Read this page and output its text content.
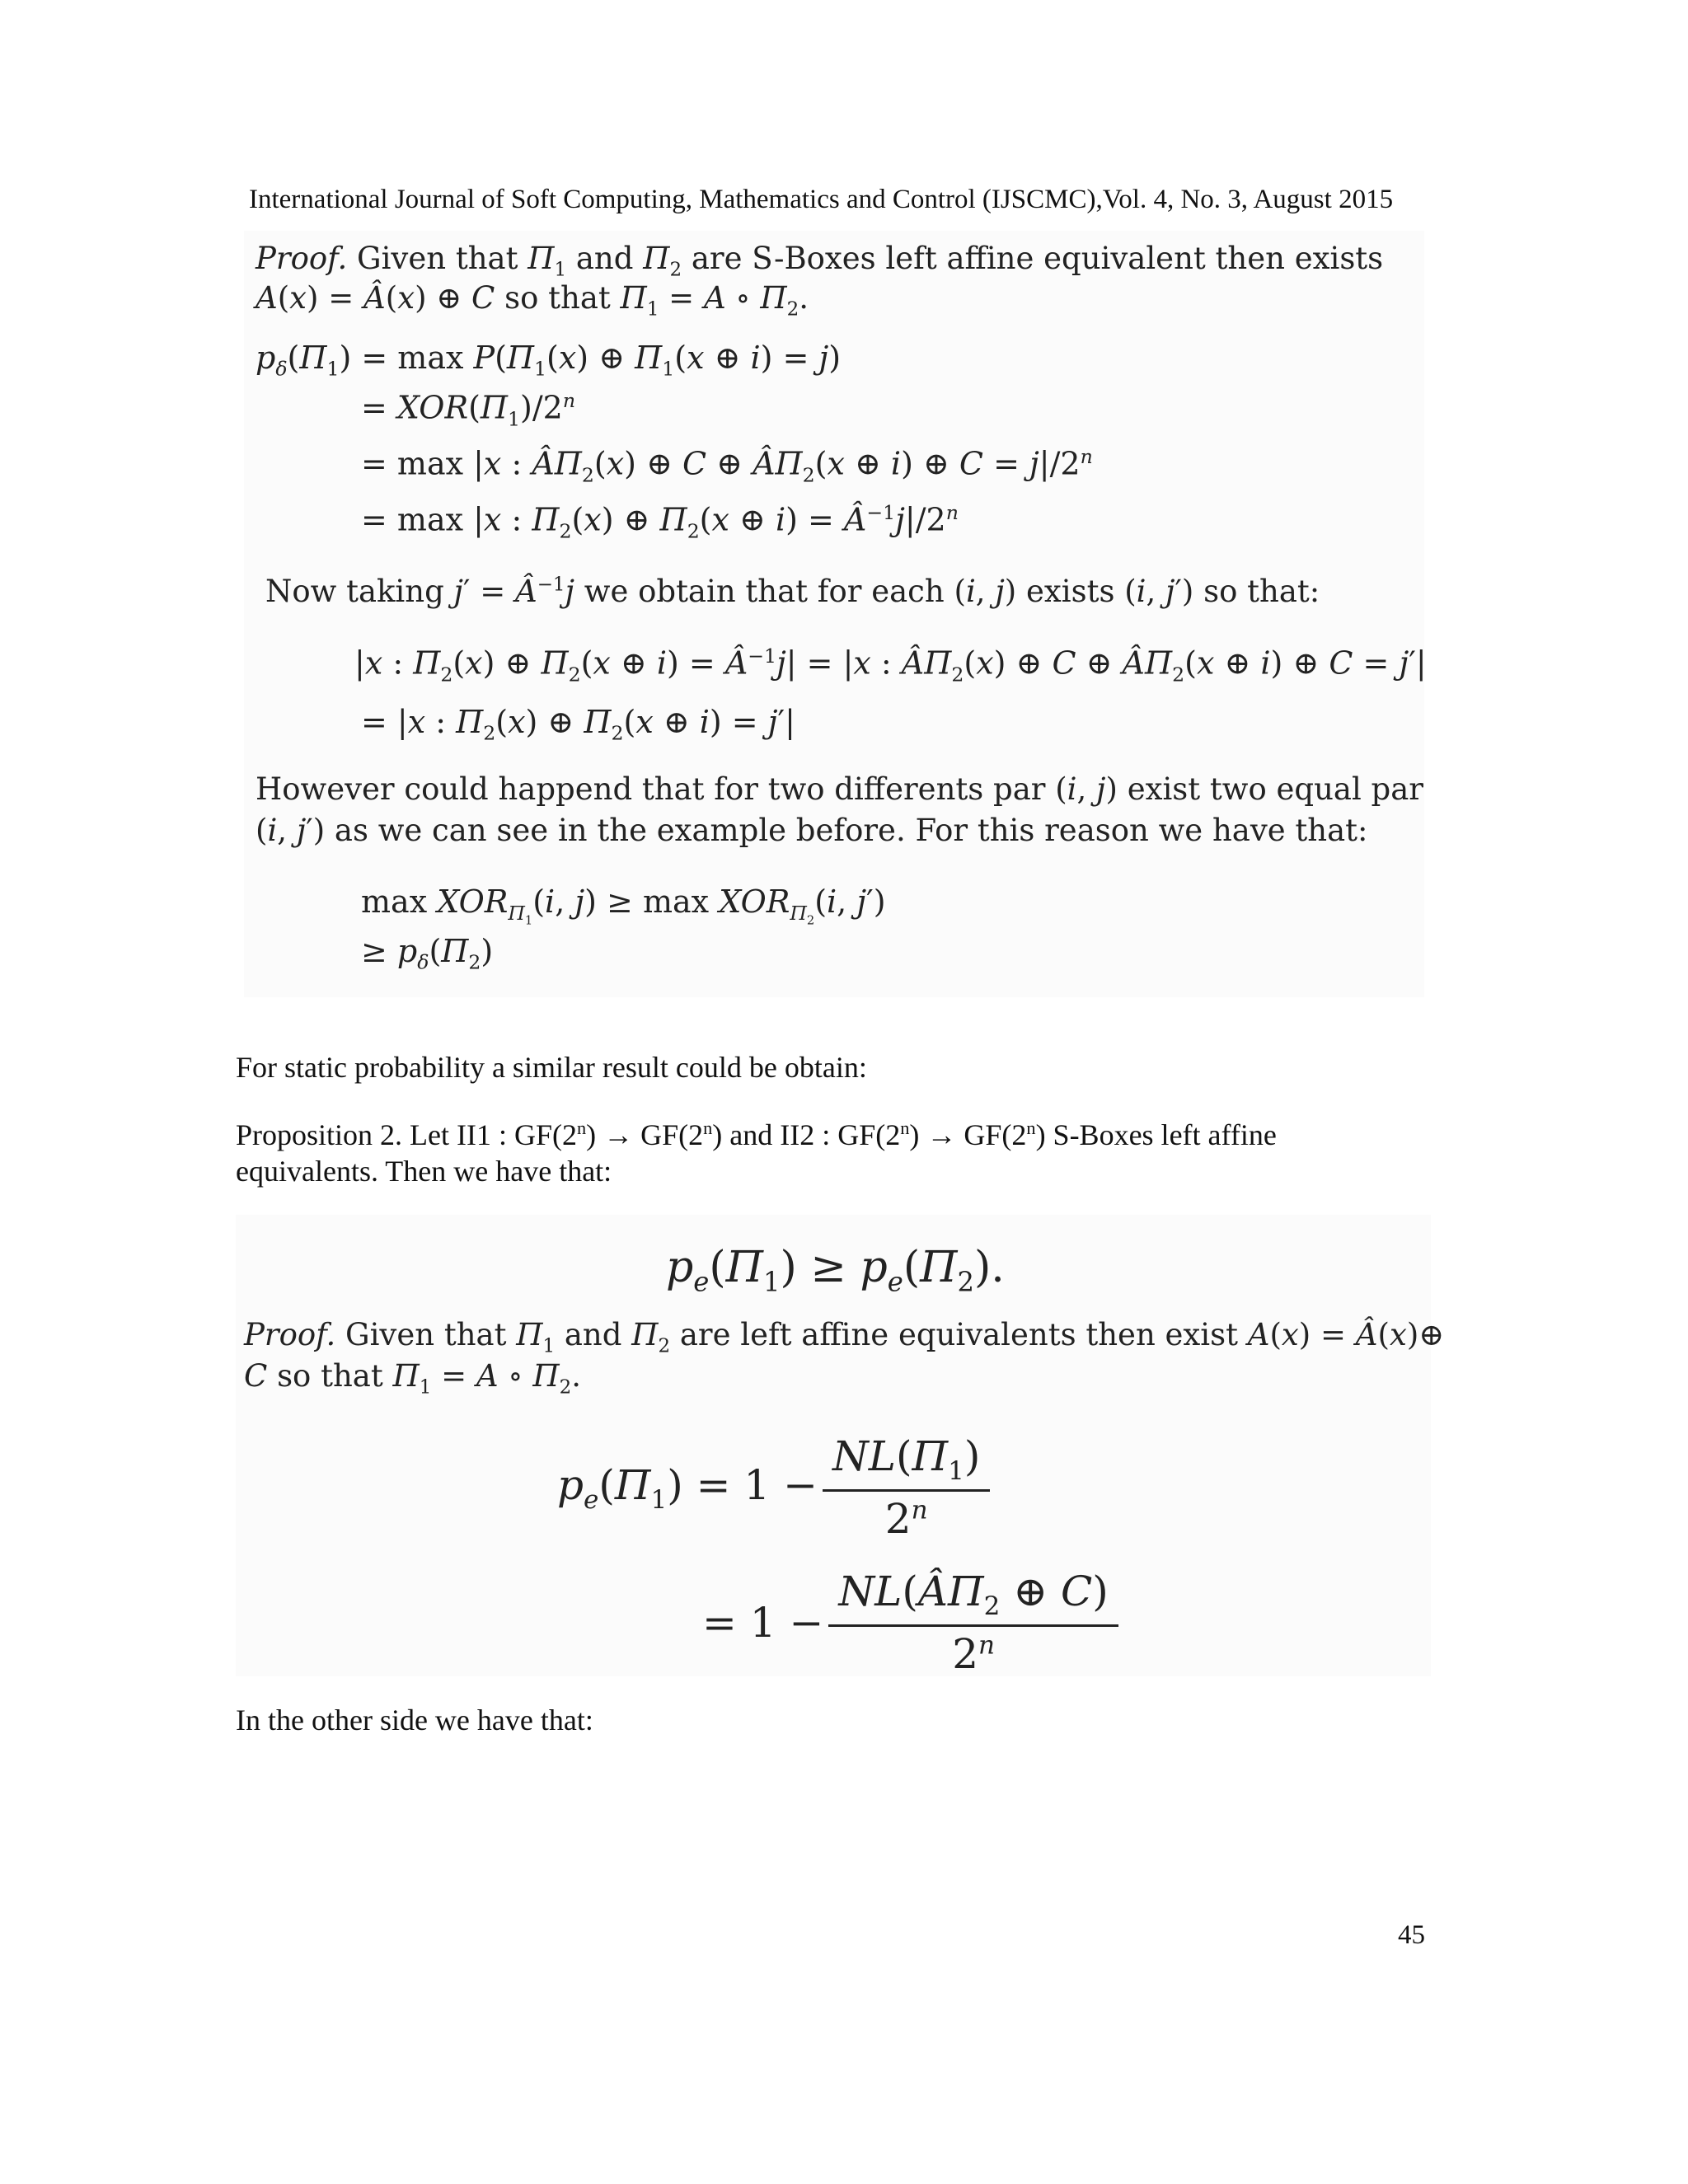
International Journal of Soft Computing, Mathematics and Control (IJSCMC),Vol. 4, No. 3, August 2015
Proof. Given that $\Pi_1$ and $\Pi_2$ are S-Boxes left affine equivalent then exists
A(x) = Â(x) ⊕ C so that $\Pi_1 = A$ ∘ $\Pi_2$.
$p_\delta(\Pi_1) = \max P(\Pi_1(x)$ ⊕ $\Pi_1(x$ ⊕ i) = j)
= $XOR(\Pi_1)/2^n$
= max |x : $Â\Pi_2(x)$ ⊕ C ⊕ $Â\Pi_2(x$ ⊕ i) ⊕ $C = j|/2^n$
= max |x : $\Pi_2(x)$ ⊕ $\Pi_2(x$ ⊕ $i) = Â^{-1}j|/2^n$
Now taking $j' = Â^{-1}j$ we obtain that for each (i, j) exists (i, j′) so that:
|x : $\Pi_2(x)$ ⊕ $\Pi_2(x$ ⊕ $i) = Â^{-1}j| = |x$ : $Â\Pi_2(x)$ ⊕ C ⊕ $Â\Pi_2(x$ ⊕ i) ⊕ C = j′|
= |x : $\Pi_2(x)$ ⊕ $\Pi_2(x$ ⊕ i) = j′|
However could happend that for two differents par (i, j) exist two equal par
(i, j′) as we can see in the example before. For this reason we have that:
$\max XOR_{\Pi_1}(i$, $j) \ge \max XOR_{\Pi_2}(i$, j′)
≥ $p_\delta(\Pi_2)$
For static probability a similar result could be obtain:
Proposition 2. Let II1 : $GF(2^n) \to GF(2^n)$ and II2 : $GF(2^n) \to GF(2^n)$ S-Boxes left affine
equivalents. Then we have that:
$p_e(\Pi_1) \ge p_e(\Pi_2)$.
Proof. Given that $\Pi_1$ and $\Pi_2$ are left affine equivalents then exist A(x) = Â(x)⊕
C so that $\Pi_1 = A$ ∘ $\Pi_2$.
$p_e(\Pi_1) = 1 - \frac{NL(\Pi_1)}{2^n}$
= $1 - \frac{NL(Â\Pi_2 \oplus C)}{2^n}$
In the other side we have that:
45
